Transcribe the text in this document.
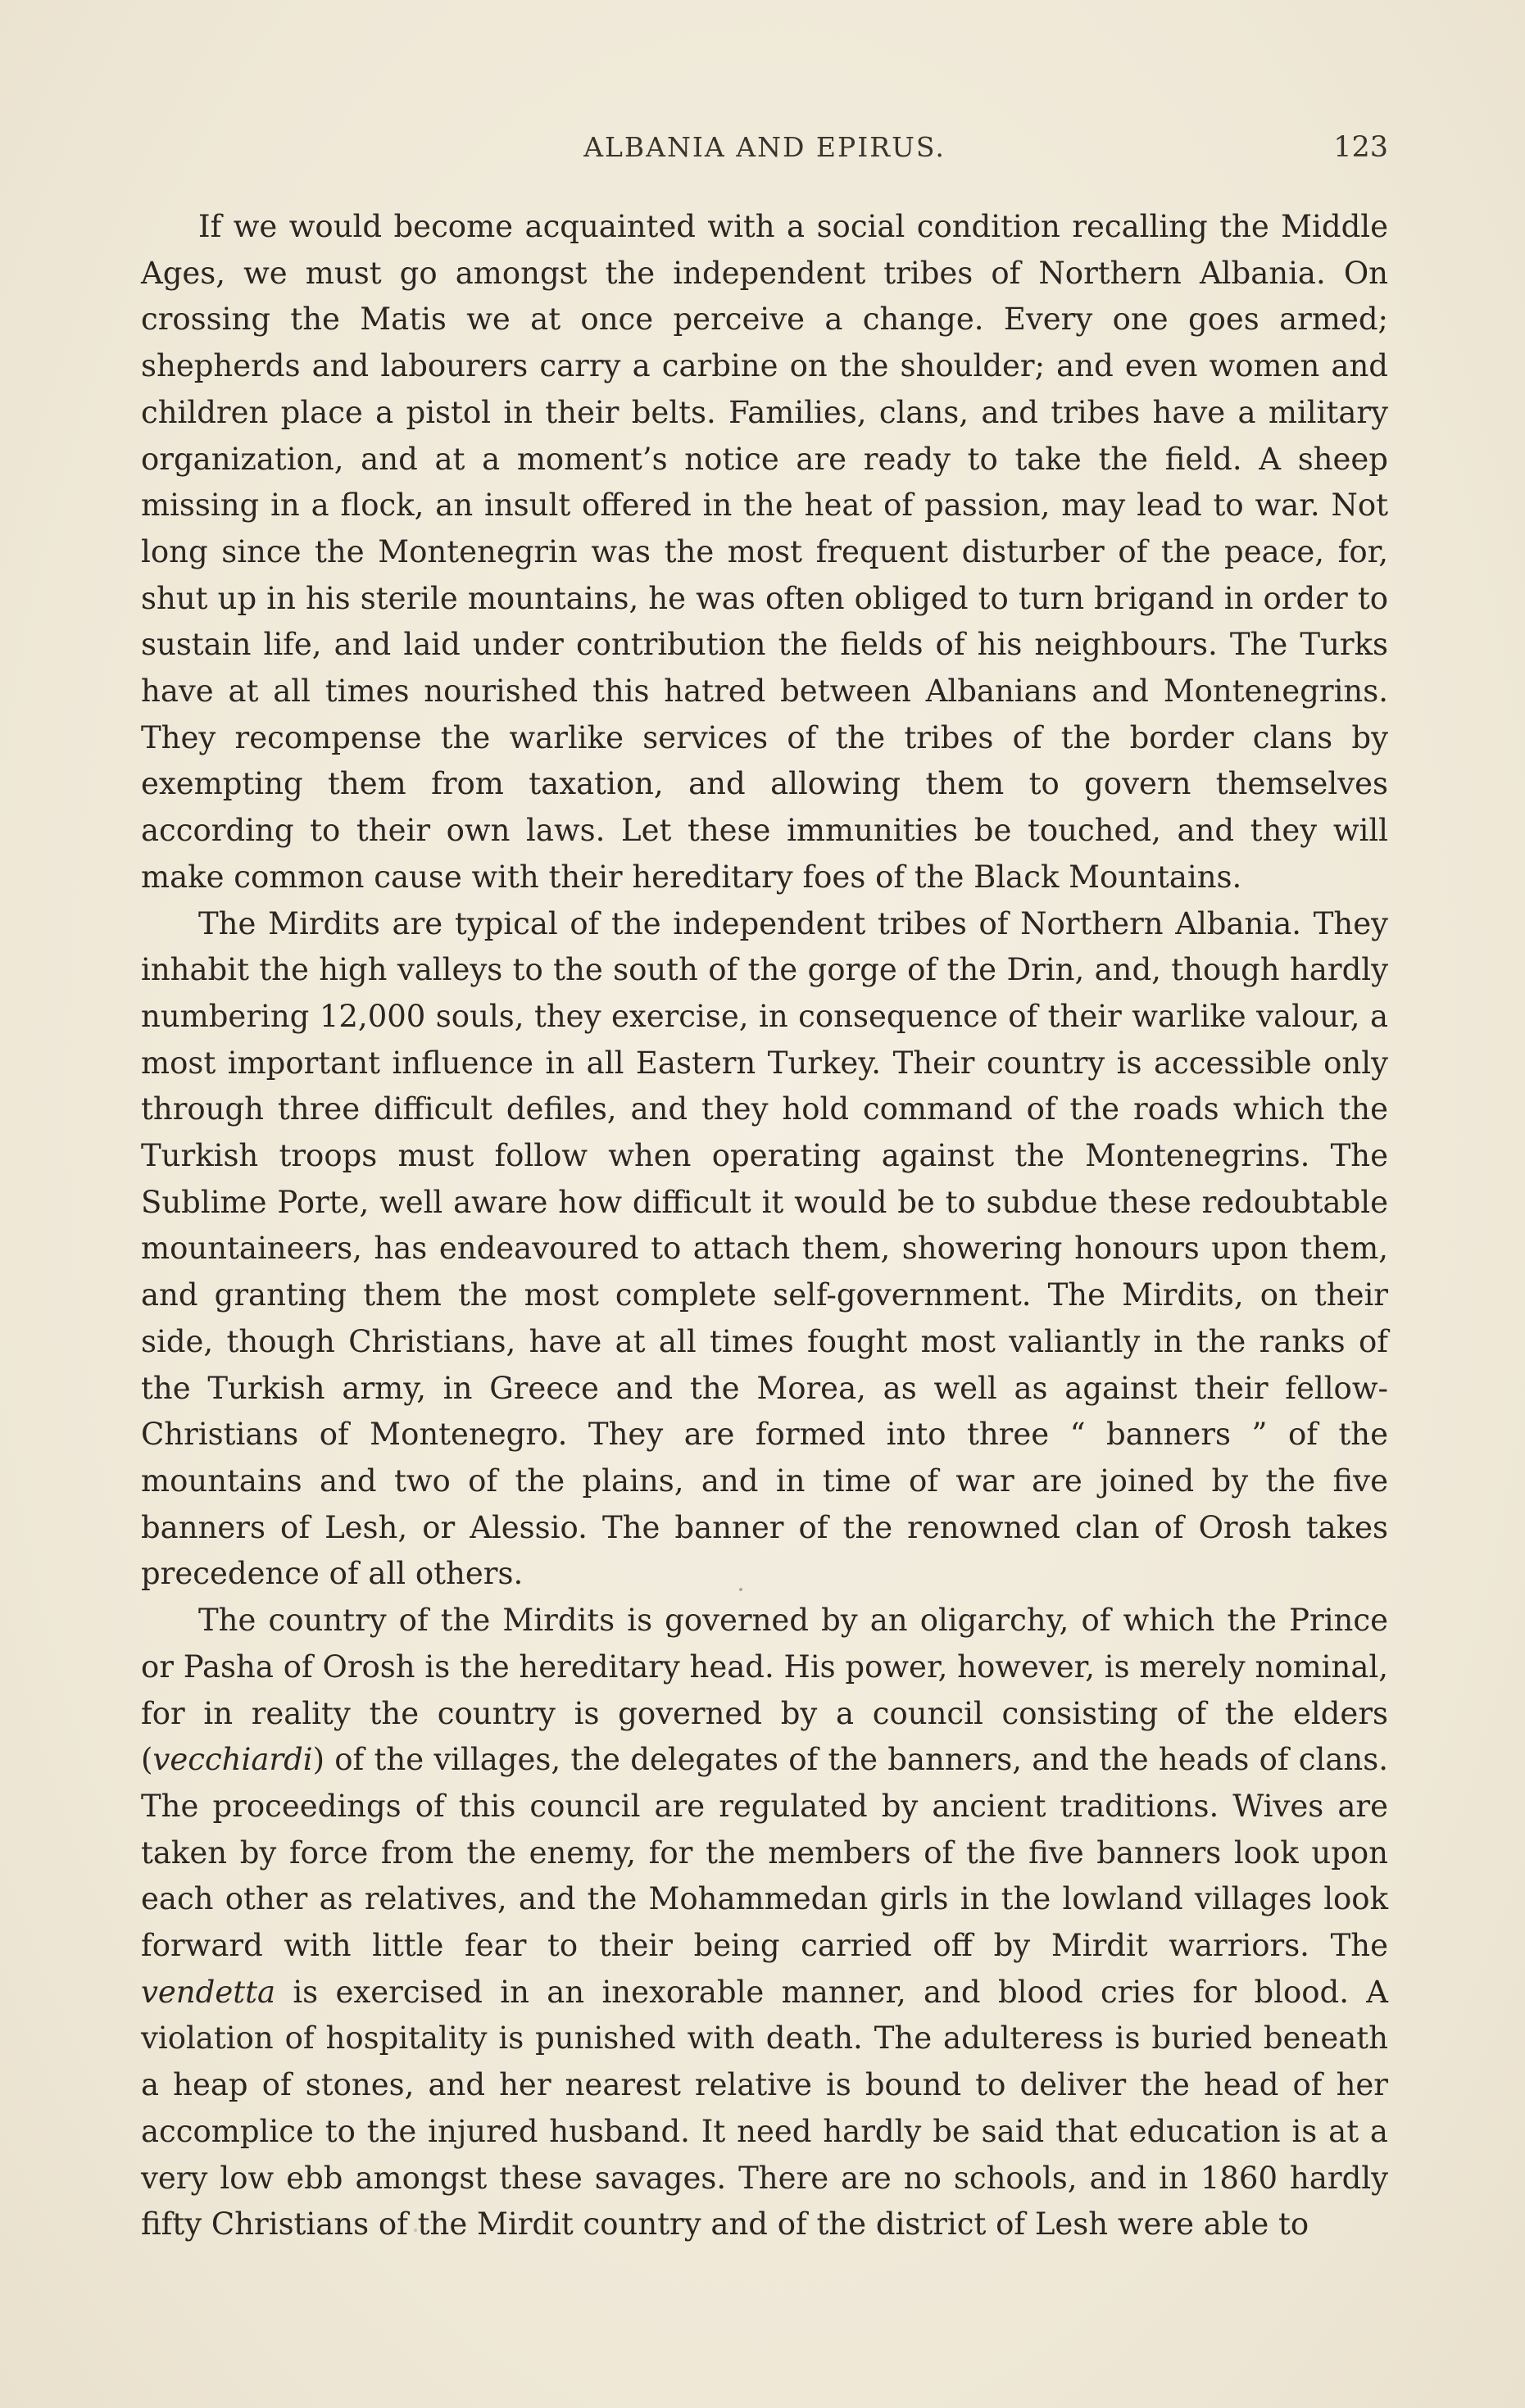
ALBANIA AND EPIRUS.	123

If we would become acquainted with a social condition recalling the Middle Ages, we must go amongst the independent tribes of Northern Albania. On crossing the Matis we at once perceive a change. Every one goes armed; shepherds and labourers carry a carbine on the shoulder; and even women and children place a pistol in their belts. Families, clans, and tribes have a military organization, and at a moment’s notice are ready to take the field. A sheep missing in a flock, an insult offered in the heat of passion, may lead to war. Not long since the Montenegrin was the most frequent disturber of the peace, for, shut up in his sterile mountains, he was often obliged to turn brigand in order to sustain life, and laid under contribution the fields of his neighbours. The Turks have at all times nourished this hatred between Albanians and Montenegrins. They recompense the warlike services of the tribes of the border clans by exempting them from taxation, and allowing them to govern themselves according to their own laws. Let these immunities be touched, and they will make common cause with their hereditary foes of the Black Mountains.

The Mirdits are typical of the independent tribes of Northern Albania. They inhabit the high valleys to the south of the gorge of the Drin, and, though hardly numbering 12,000 souls, they exercise, in consequence of their warlike valour, a most important influence in all Eastern Turkey. Their country is accessible only through three difficult defiles, and they hold command of the roads which the Turkish troops must follow when operating against the Montenegrins. The Sublime Porte, well aware how difficult it would be to subdue these redoubtable mountaineers, has endeavoured to attach them, showering honours upon them, and granting them the most complete self-government. The Mirdits, on their side, though Christians, have at all times fought most valiantly in the ranks of the Turkish army, in Greece and the Morea, as well as against their fellow-Christians of Montenegro. They are formed into three “ banners ” of the mountains and two of the plains, and in time of war are joined by the five banners of Lesh, or Alessio. The banner of the renowned clan of Orosh takes precedence of all others.

The country of the Mirdits is governed by an oligarchy, of which the Prince or Pasha of Orosh is the hereditary head. His power, however, is merely nominal, for in reality the country is governed by a council consisting of the elders (vecchiardi) of the villages, the delegates of the banners, and the heads of clans. The proceedings of this council are regulated by ancient traditions. Wives are taken by force from the enemy, for the members of the five banners look upon each other as relatives, and the Mohammedan girls in the lowland villages look forward with little fear to their being carried off by Mirdit warriors. The vendetta is exercised in an inexorable manner, and blood cries for blood. A violation of hospitality is punished with death. The adulteress is buried beneath a heap of stones, and her nearest relative is bound to deliver the head of her accomplice to the injured husband. It need hardly be said that education is at a very low ebb amongst these savages. There are no schools, and in 1860 hardly fifty Christians of the Mirdit country and of the district of Lesh were able to
